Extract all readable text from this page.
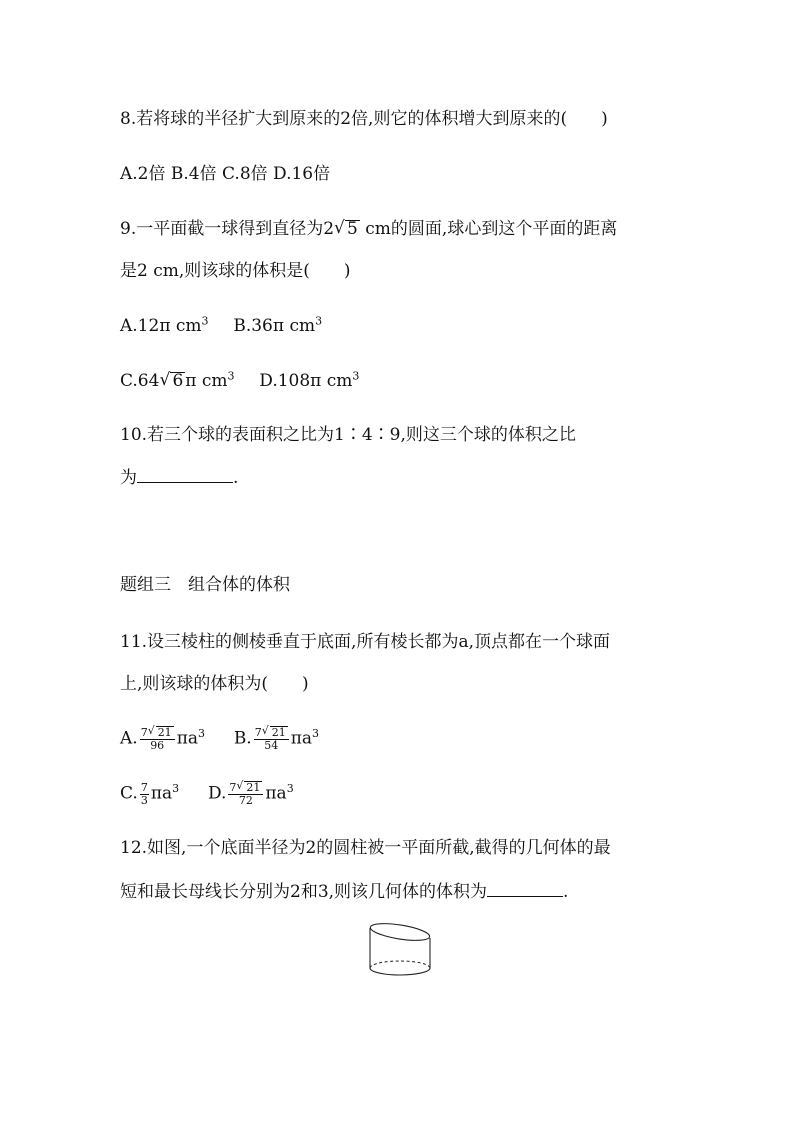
8.若将球的半径扩大到原来的2倍,则它的体积增大到原来的(　　)
A.2倍 B.4倍 C.8倍 D.16倍
9.一平面截一球得到直径为2 √ 5 cm的圆面,球心到这个平面的距离
是2 cm,则该球的体积是(　　)
A.12π $cm^3$ B.36π $cm^3$
C.64 √ 6 π $cm^3$ D.108π $cm^3$
10.若三个球的表面积之比为1∶4∶9,则这三个球的体积之比
为	.
题组三　组合体的体积
11.设三棱柱的侧棱垂直于底面,所有棱长都为a,顶点都在一个球面
上,则该球的体积为(　　)
A. $\frac{7 √ 21}{96} \pi a^3$ B. $\frac{7 √ 21}{54} \pi a^3$
C. $\frac{7}{3} \pi a^3$ D. $\frac{7 √ 21}{72} \pi a^3$
12.如图,一个底面半径为2的圆柱被一平面所截,截得的几何体的最
短和最长母线长分别为2和3,则该几何体的体积为	.
